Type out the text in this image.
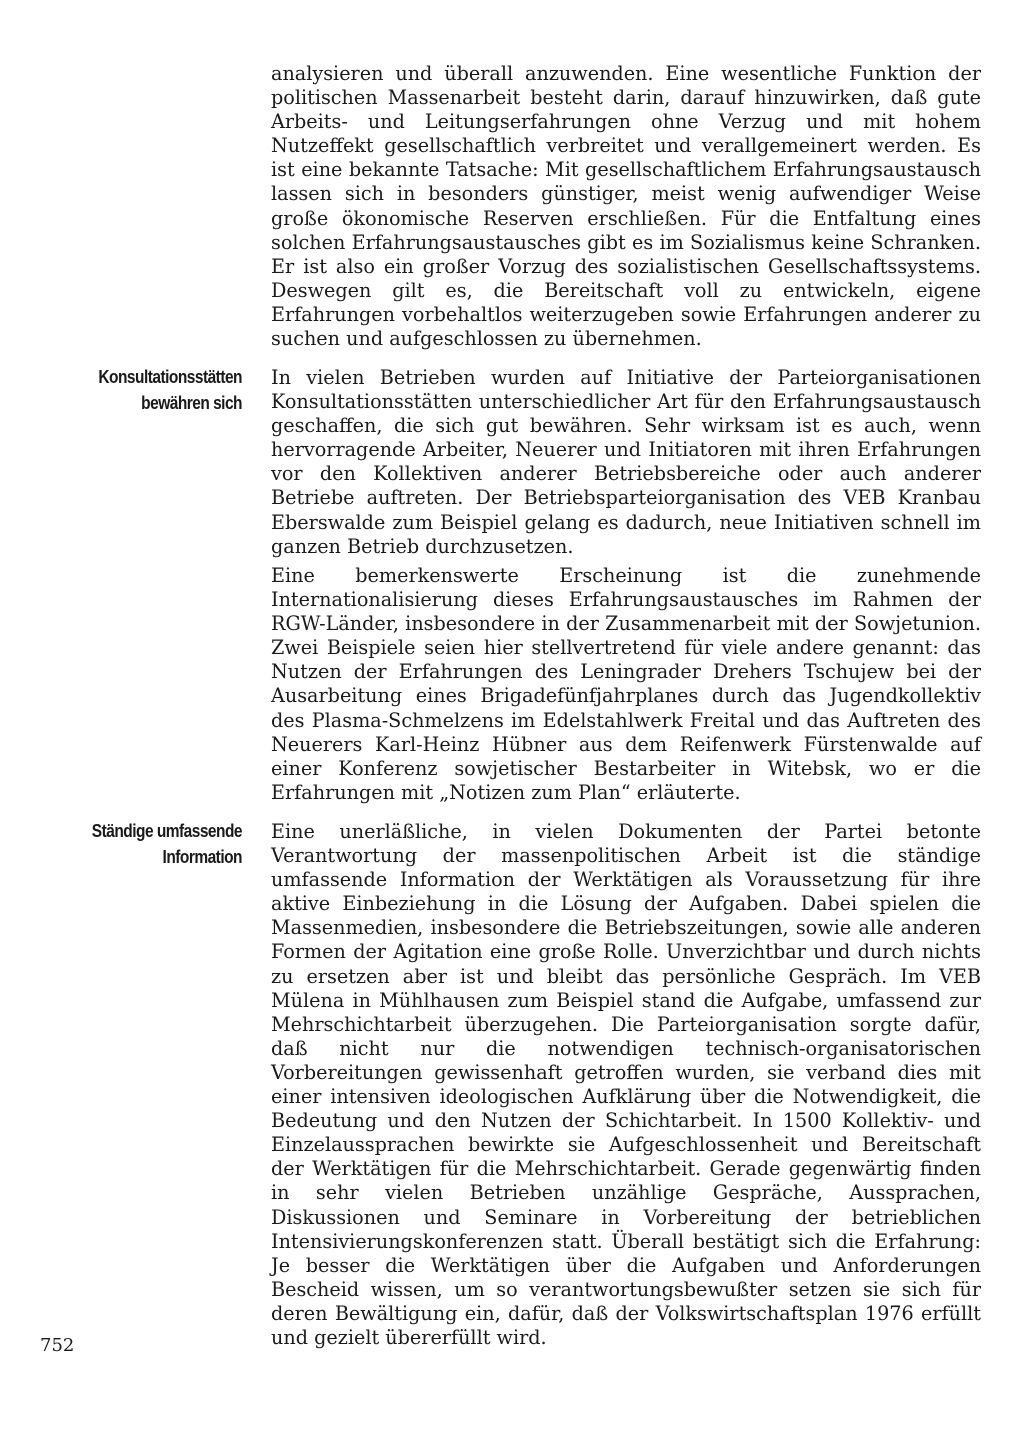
analysieren und überall anzuwenden. Eine wesentliche Funktion der politischen Massenarbeit besteht darin, darauf hinzuwirken, daß gute Arbeits- und Leitungserfahrungen ohne Verzug und mit hohem Nutzeffekt gesellschaftlich verbreitet und verallgemeinert werden. Es ist eine bekannte Tatsache: Mit gesellschaftlichem Erfahrungsaustausch lassen sich in besonders günstiger, meist wenig aufwendiger Weise große ökonomische Reserven erschließen. Für die Entfaltung eines solchen Erfahrungsaustausches gibt es im Sozialismus keine Schranken. Er ist also ein großer Vorzug des sozialistischen Gesellschaftssystems. Deswegen gilt es, die Bereitschaft voll zu entwickeln, eigene Erfahrungen vorbehaltlos weiterzugeben sowie Erfahrungen anderer zu suchen und aufgeschlossen zu übernehmen.

Konsultationsstätten
bewähren sich

In vielen Betrieben wurden auf Initiative der Parteiorganisationen Konsultationsstätten unterschiedlicher Art für den Erfahrungsaustausch geschaffen, die sich gut bewähren. Sehr wirksam ist es auch, wenn hervorragende Arbeiter, Neuerer und Initiatoren mit ihren Erfahrungen vor den Kollektiven anderer Betriebsbereiche oder auch anderer Betriebe auftreten. Der Betriebsparteiorganisation des VEB Kranbau Eberswalde zum Beispiel gelang es dadurch, neue Initiativen schnell im ganzen Betrieb durchzusetzen.

Eine bemerkenswerte Erscheinung ist die zunehmende Internationalisierung dieses Erfahrungsaustausches im Rahmen der RGW-Länder, insbesondere in der Zusammenarbeit mit der Sowjetunion. Zwei Beispiele seien hier stellvertretend für viele andere genannt: das Nutzen der Erfahrungen des Leningrader Drehers Tschujew bei der Ausarbeitung eines Brigadefünfjahrplanes durch das Jugendkollektiv des Plasma-Schmelzens im Edelstahlwerk Freital und das Auftreten des Neuerers Karl-Heinz Hübner aus dem Reifenwerk Fürstenwalde auf einer Konferenz sowjetischer Bestarbeiter in Witebsk, wo er die Erfahrungen mit „Notizen zum Plan“ erläuterte.

Ständige umfassende
Information

Eine unerläßliche, in vielen Dokumenten der Partei betonte Verantwortung der massenpolitischen Arbeit ist die ständige umfassende Information der Werktätigen als Voraussetzung für ihre aktive Einbeziehung in die Lösung der Aufgaben. Dabei spielen die Massenmedien, insbesondere die Betriebszeitungen, sowie alle anderen Formen der Agitation eine große Rolle. Unverzichtbar und durch nichts zu ersetzen aber ist und bleibt das persönliche Gespräch. Im VEB Mülena in Mühlhausen zum Beispiel stand die Aufgabe, umfassend zur Mehrschichtarbeit überzugehen. Die Parteiorganisation sorgte dafür, daß nicht nur die notwendigen technisch-organisatorischen Vorbereitungen gewissenhaft getroffen wurden, sie verband dies mit einer intensiven ideologischen Aufklärung über die Notwendigkeit, die Bedeutung und den Nutzen der Schichtarbeit. In 1500 Kollektiv- und Einzelaussprachen bewirkte sie Aufgeschlossenheit und Bereitschaft der Werktätigen für die Mehrschichtarbeit. Gerade gegenwärtig finden in sehr vielen Betrieben unzählige Gespräche, Aussprachen, Diskussionen und Seminare in Vorbereitung der betrieblichen Intensivierungskonferenzen statt. Überall bestätigt sich die Erfahrung: Je besser die Werktätigen über die Aufgaben und Anforderungen Bescheid wissen, um so verantwortungsbewußter setzen sie sich für deren Bewältigung ein, dafür, daß der Volkswirtschaftsplan 1976 erfüllt und gezielt übererfüllt wird.

752
